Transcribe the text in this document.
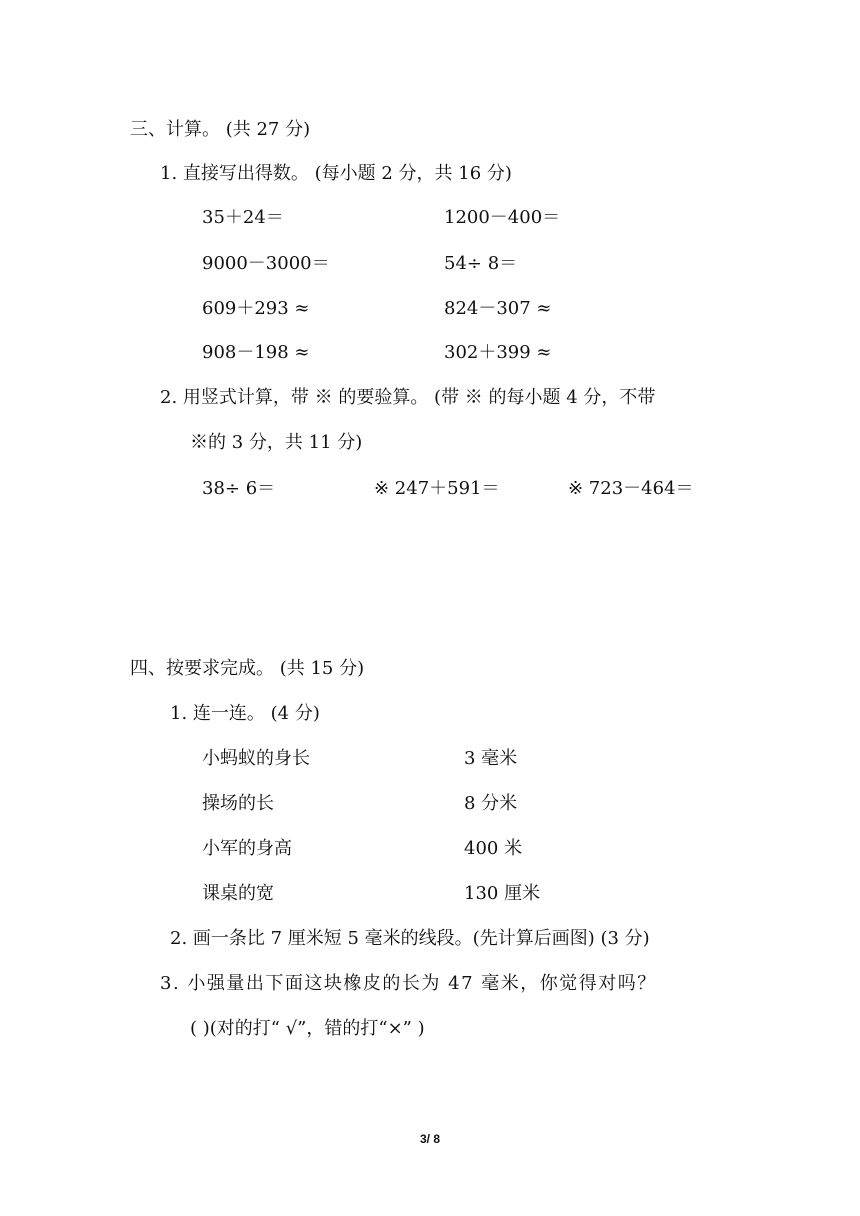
三、计算。 (共 27 分)
1. 直接写出得数。 (每小题 2 分，共 16 分)
35＋24＝	1200－400＝
9000－3000＝	54÷ 8＝
609＋293 ≈	824－307 ≈
908－198 ≈	302＋399 ≈
2. 用竖式计算，带 ※ 的要验算。 (带 ※ 的每小题 4 分，不带
※的 3 分，共 11 分)
38÷ 6＝	※ 247＋591＝	※ 723－464＝
四、按要求完成。 (共 15 分)
1. 连一连。 (4 分)
小蚂蚁的身长	3 毫米
操场的长	8 分米
小军的身高	400 米
课桌的宽	130 厘米
2. 画一条比 7 厘米短 5 毫米的线段。(先计算后画图) (3 分)
3. 小强量出下面这块橡皮的长为 47 毫米，你觉得对吗？
( )(对的打“ √”，错的打“×” )
3/ 8
